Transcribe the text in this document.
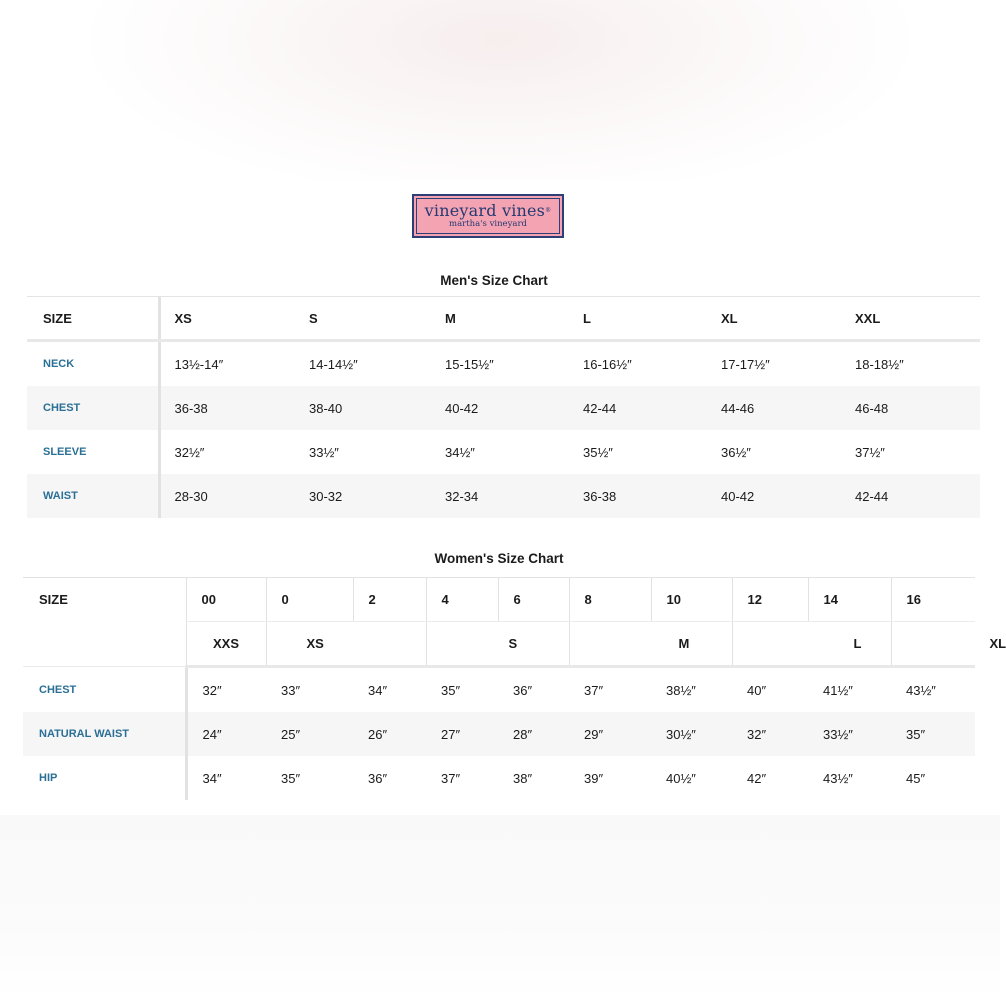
vineyard vines®
martha's vineyard
Men's Size Chart
SIZE	XS	S	M	L	XL	XXL
NECK	13½-14″	14-14½″	15-15½″	16-16½″	17-17½″	18-18½″
CHEST	36-38	38-40	40-42	42-44	44-46	46-48
SLEEVE	32½″	33½″	34½″	35½″	36½″	37½″
WAIST	28-30	30-32	32-34	36-38	40-42	42-44
Women's Size Chart
SIZE	00	0	2	4	6	8	10	12	14	16
	XXS	XS		S		M		L		XL
CHEST	32″	33″	34″	35″	36″	37″	38½″	40″	41½″	43½″
NATURAL WAIST	24″	25″	26″	27″	28″	29″	30½″	32″	33½″	35″
HIP	34″	35″	36″	37″	38″	39″	40½″	42″	43½″	45″
